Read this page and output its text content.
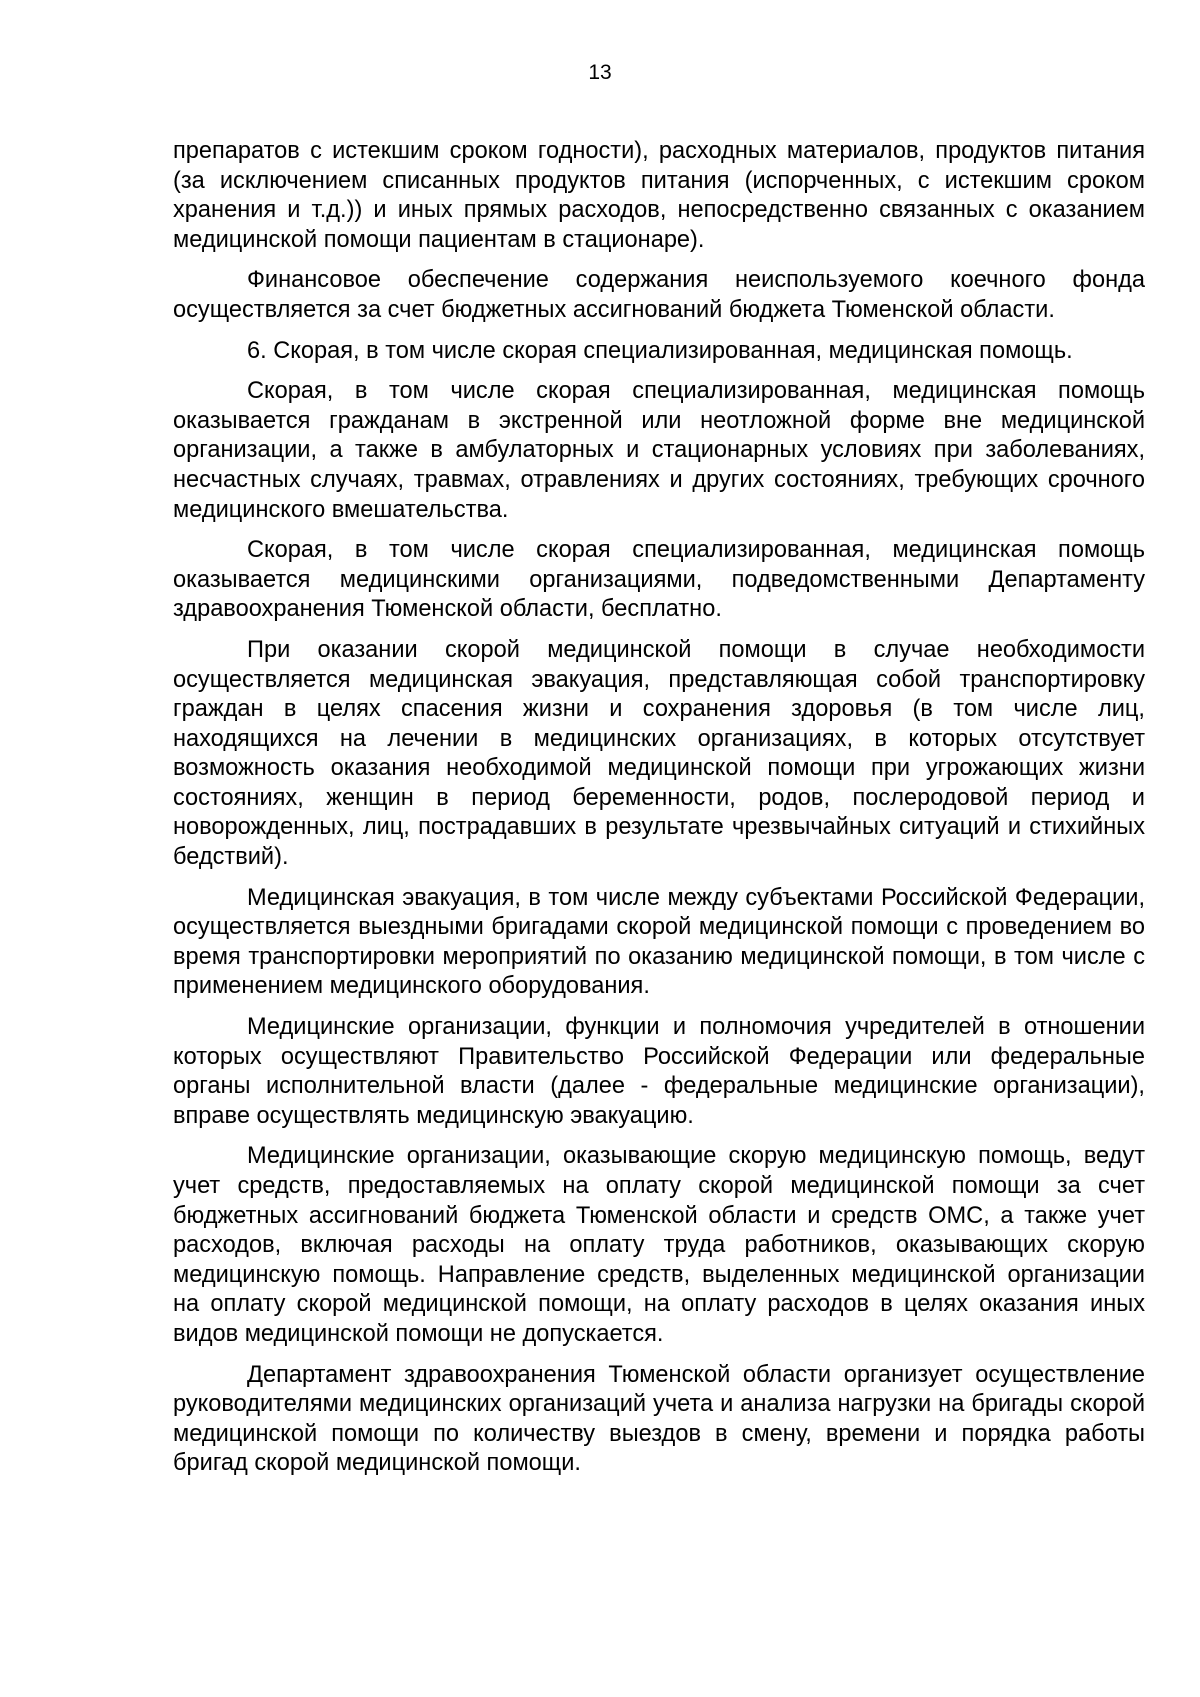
13

препаратов с истекшим сроком годности), расходных материалов, продуктов питания (за исключением списанных продуктов питания (испорченных, с истекшим сроком хранения и т.д.)) и иных прямых расходов, непосредственно связанных с оказанием медицинской помощи пациентам в стационаре).

Финансовое обеспечение содержания неиспользуемого коечного фонда осуществляется за счет бюджетных ассигнований бюджета Тюменской области.

6. Скорая, в том числе скорая специализированная, медицинская помощь.

Скорая, в том числе скорая специализированная, медицинская помощь оказывается гражданам в экстренной или неотложной форме вне медицинской организации, а также в амбулаторных и стационарных условиях при заболеваниях, несчастных случаях, травмах, отравлениях и других состояниях, требующих срочного медицинского вмешательства.

Скорая, в том числе скорая специализированная, медицинская помощь оказывается медицинскими организациями, подведомственными Департаменту здравоохранения Тюменской области, бесплатно.

При оказании скорой медицинской помощи в случае необходимости осуществляется медицинская эвакуация, представляющая собой транспортировку граждан в целях спасения жизни и сохранения здоровья (в том числе лиц, находящихся на лечении в медицинских организациях, в которых отсутствует возможность оказания необходимой медицинской помощи при угрожающих жизни состояниях, женщин в период беременности, родов, послеродовой период и новорожденных, лиц, пострадавших в результате чрезвычайных ситуаций и стихийных бедствий).

Медицинская эвакуация, в том числе между субъектами Российской Федерации, осуществляется выездными бригадами скорой медицинской помощи с проведением во время транспортировки мероприятий по оказанию медицинской помощи, в том числе с применением медицинского оборудования.

Медицинские организации, функции и полномочия учредителей в отношении которых осуществляют Правительство Российской Федерации или федеральные органы исполнительной власти (далее - федеральные медицинские организации), вправе осуществлять медицинскую эвакуацию.

Медицинские организации, оказывающие скорую медицинскую помощь, ведут учет средств, предоставляемых на оплату скорой медицинской помощи за счет бюджетных ассигнований бюджета Тюменской области и средств ОМС, а также учет расходов, включая расходы на оплату труда работников, оказывающих скорую медицинскую помощь. Направление средств, выделенных медицинской организации на оплату скорой медицинской помощи, на оплату расходов в целях оказания иных видов медицинской помощи не допускается.

Департамент здравоохранения Тюменской области организует осуществление руководителями медицинских организаций учета и анализа нагрузки на бригады скорой медицинской помощи по количеству выездов в смену, времени и порядка работы бригад скорой медицинской помощи.
